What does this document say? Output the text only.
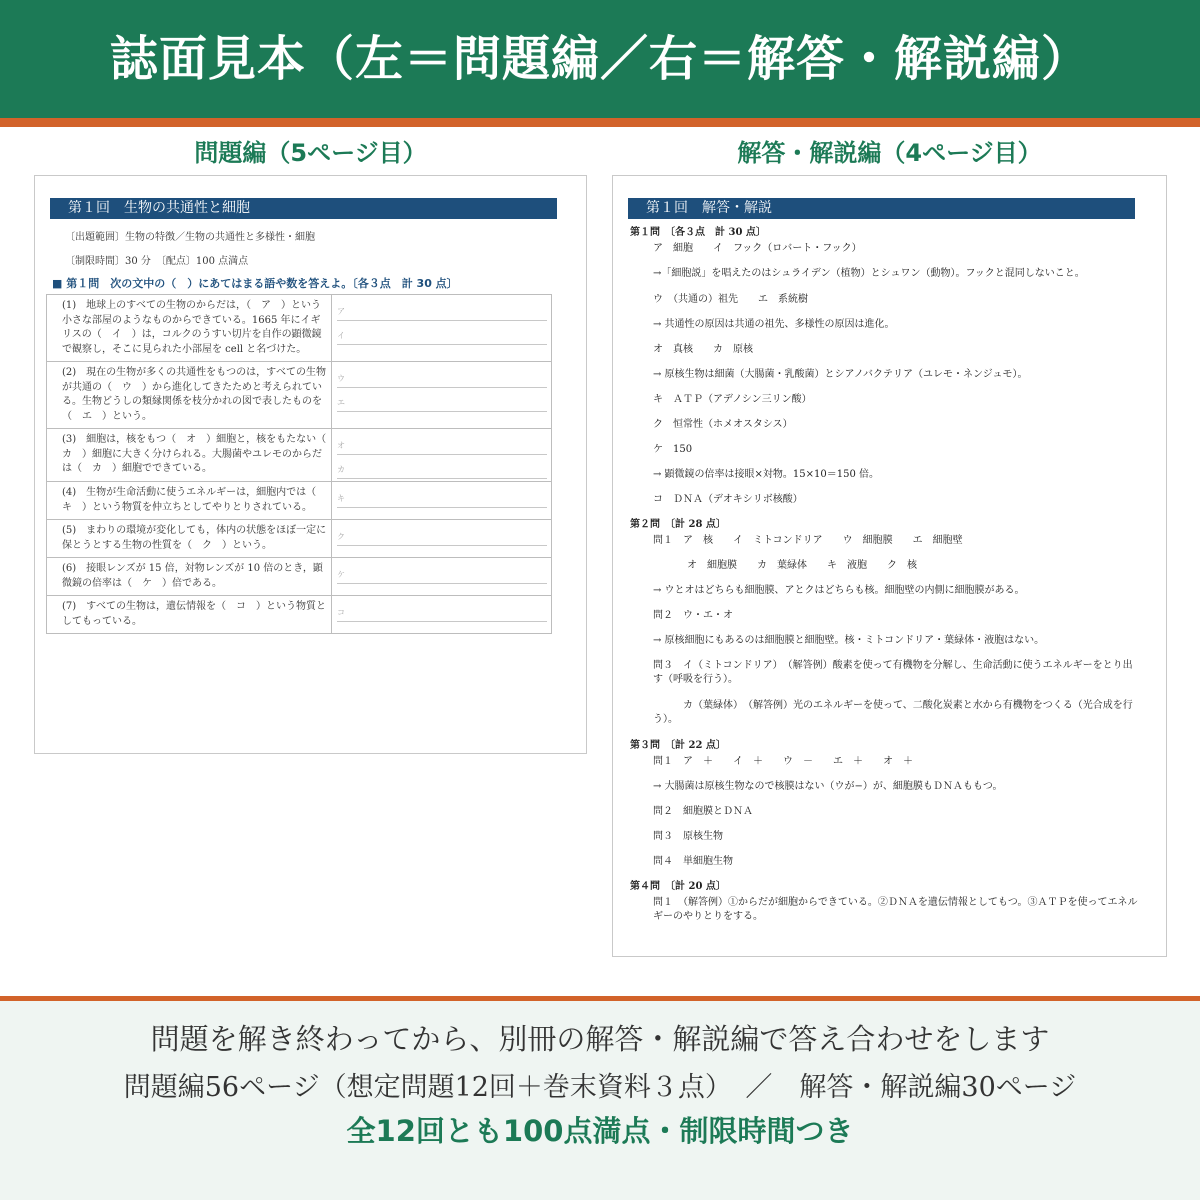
誌面見本（左＝問題編／右＝解答・解説編）
問題編（5ページ目）	解答・解説編（4ページ目）
第１回　生物の共通性と細胞
〔出題範囲〕生物の特徴／生物の共通性と多様性・細胞
〔制限時間〕30 分　〔配点〕100 点満点
■ 第１問　次の文中の（　）にあてはまる語や数を答えよ。〔各３点　計 30 点〕
(1)　地球上のすべての生物のからだは，（　ア　）という小さな部屋のようなものからできている。1665 年にイギリスの（　イ　）は，コルクのうすい切片を自作の顕微鏡で観察し，そこに見られた小部屋を cell と名づけた。
ア
イ
(2)　現在の生物が多くの共通性をもつのは，すべての生物が共通の（　ウ　）から進化してきたためと考えられている。生物どうしの類縁関係を枝分かれの図で表したものを（　エ　）という。
ウ
エ
(3)　細胞は，核をもつ（　オ　）細胞と，核をもたない（　カ　）細胞に大きく分けられる。大腸菌やユレモのからだは（　カ　）細胞でできている。
オ
カ
(4)　生物が生命活動に使うエネルギーは，細胞内では（　キ　）という物質を仲立ちとしてやりとりされている。
キ
(5)　まわりの環境が変化しても，体内の状態をほぼ一定に保とうとする生物の性質を（　ク　）という。
ク
(6)　接眼レンズが 15 倍，対物レンズが 10 倍のとき，顕微鏡の倍率は（　ケ　）倍である。
ケ
(7)　すべての生物は，遺伝情報を（　コ　）という物質としてもっている。
コ
第１回　解答・解説
第１問　〔各３点　計 30 点〕
ア　細胞　　イ　フック（ロバート・フック）
→「細胞説」を唱えたのはシュライデン（植物）とシュワン（動物）。フックと混同しないこと。
ウ　（共通の）祖先　　エ　系統樹
→ 共通性の原因は共通の祖先、多様性の原因は進化。
オ　真核　　カ　原核
→ 原核生物は細菌（大腸菌・乳酸菌）とシアノバクテリア（ユレモ・ネンジュモ）。
キ　ＡＴＰ（アデノシン三リン酸）
ク　恒常性（ホメオスタシス）
ケ　150
→ 顕微鏡の倍率は接眼×対物。15×10＝150 倍。
コ　ＤＮＡ（デオキシリボ核酸）
第２問　〔計 28 点〕
問１　ア　核　　イ　ミトコンドリア　　ウ　細胞膜　　エ　細胞壁
オ　細胞膜　　カ　葉緑体　　キ　液胞　　ク　核
→ ウとオはどちらも細胞膜、アとクはどちらも核。細胞壁の内側に細胞膜がある。
問２　ウ・エ・オ
→ 原核細胞にもあるのは細胞膜と細胞壁。核・ミトコンドリア・葉緑体・液胞はない。
問３　イ（ミトコンドリア）　（解答例）酸素を使って有機物を分解し、生命活動に使うエネルギーをとり出す（呼吸を行う）。
　　　カ（葉緑体）　（解答例）光のエネルギーを使って、二酸化炭素と水から有機物をつくる（光合成を行う）。
第３問　〔計 22 点〕
問１　ア　＋　　イ　＋　　ウ　－　　エ　＋　　オ　＋
→ 大腸菌は原核生物なので核膜はない（ウが−）が、細胞膜もＤＮＡももつ。
問２　細胞膜とＤＮＡ
問３　原核生物
問４　単細胞生物
第４問　〔計 20 点〕
問１　（解答例）①からだが細胞からできている。②ＤＮＡを遺伝情報としてもつ。③ＡＴＰを使ってエネルギーのやりとりをする。
問題を解き終わってから、別冊の解答・解説編で答え合わせをします
問題編56ページ（想定問題12回＋巻末資料３点）　／　解答・解説編30ページ
全12回とも100点満点・制限時間つき
